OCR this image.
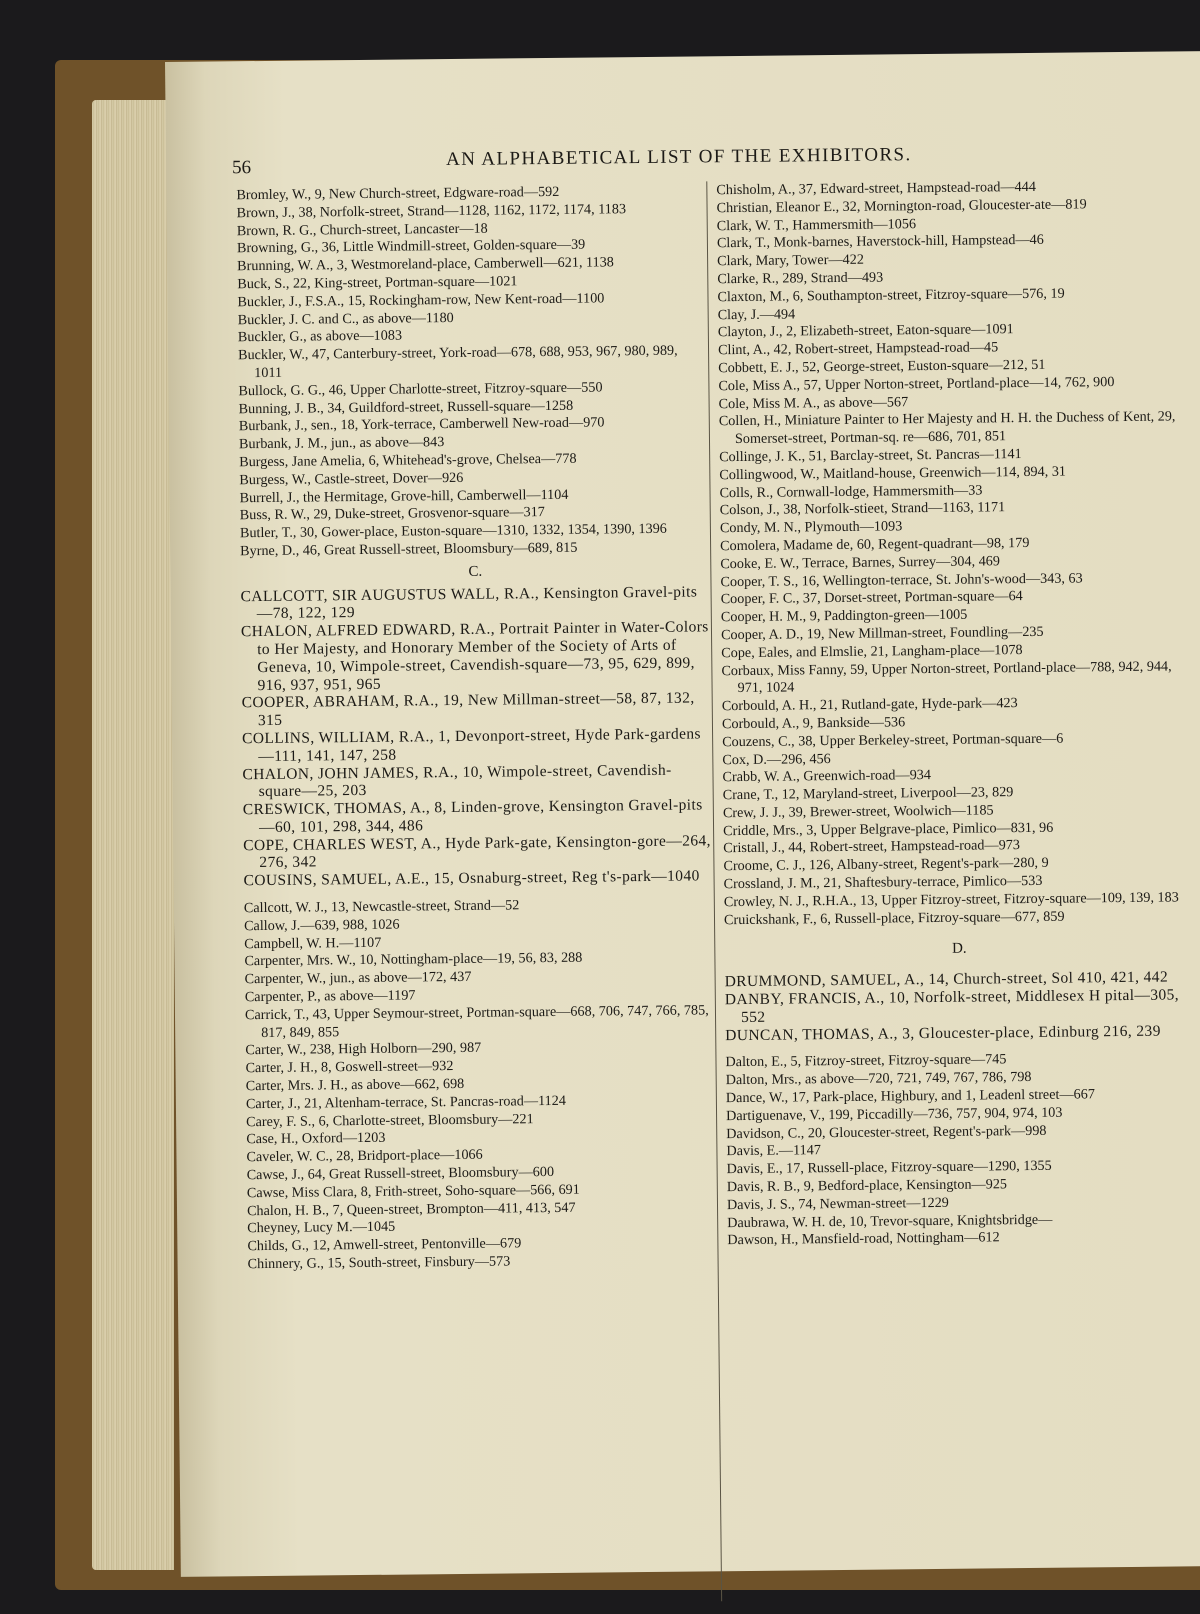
56	AN ALPHABETICAL LIST OF THE EXHIBITORS.

Bromley, W., 9, New Church-street, Edgware-road—592

Brown, J., 38, Norfolk-street, Strand—1128, 1162, 1172, 1174, 1183

Brown, R. G., Church-street, Lancaster—18

Browning, G., 36, Little Windmill-street, Golden-square—39

Brunning, W. A., 3, Westmoreland-place, Camberwell—621, 1138

Buck, S., 22, King-street, Portman-square—1021

Buckler, J., F.S.A., 15, Rockingham-row, New Kent-road—1100

Buckler, J. C. and C., as above—1180

Buckler, G., as above—1083

Buckler, W., 47, Canterbury-street, York-road—678, 688, 953, 967, 980, 989, 1011

Bullock, G. G., 46, Upper Charlotte-street, Fitzroy-square—550

Bunning, J. B., 34, Guildford-street, Russell-square—1258

Burbank, J., sen., 18, York-terrace, Camberwell New-road—970

Burbank, J. M., jun., as above—843

Burgess, Jane Amelia, 6, Whitehead's-grove, Chelsea—778

Burgess, W., Castle-street, Dover—926

Burrell, J., the Hermitage, Grove-hill, Camberwell—1104

Buss, R. W., 29, Duke-street, Grosvenor-square—317

Butler, T., 30, Gower-place, Euston-square—1310, 1332, 1354, 1390, 1396

Byrne, D., 46, Great Russell-street, Bloomsbury—689, 815

C.

CALLCOTT, SIR AUGUSTUS WALL, R.A., Kensington Gravel-pits—78, 122, 129

CHALON, ALFRED EDWARD, R.A., Portrait Painter in Water-Colors to Her Majesty, and Honorary Member of the Society of Arts of Geneva, 10, Wimpole-street, Cavendish-square—73, 95, 629, 899, 916, 937, 951, 965

COOPER, ABRAHAM, R.A., 19, New Millman-street—58, 87, 132, 315

COLLINS, WILLIAM, R.A., 1, Devonport-street, Hyde Park-gardens—111, 141, 147, 258

CHALON, JOHN JAMES, R.A., 10, Wimpole-street, Cavendish-square—25, 203

CRESWICK, THOMAS, A., 8, Linden-grove, Kensington Gravel-pits—60, 101, 298, 344, 486

COPE, CHARLES WEST, A., Hyde Park-gate, Kensington-gore—264, 276, 342

COUSINS, SAMUEL, A.E., 15, Osnaburg-street, Reg t's-park—1040

Callcott, W. J., 13, Newcastle-street, Strand—52

Callow, J.—639, 988, 1026

Campbell, W. H.—1107

Carpenter, Mrs. W., 10, Nottingham-place—19, 56, 83, 288

Carpenter, W., jun., as above—172, 437

Carpenter, P., as above—1197

Carrick, T., 43, Upper Seymour-street, Portman-square—668, 706, 747, 766, 785, 817, 849, 855

Carter, W., 238, High Holborn—290, 987

Carter, J. H., 8, Goswell-street—932

Carter, Mrs. J. H., as above—662, 698

Carter, J., 21, Altenham-terrace, St. Pancras-road—1124

Carey, F. S., 6, Charlotte-street, Bloomsbury—221

Case, H., Oxford—1203

Caveler, W. C., 28, Bridport-place—1066

Cawse, J., 64, Great Russell-street, Bloomsbury—600

Cawse, Miss Clara, 8, Frith-street, Soho-square—566, 691

Chalon, H. B., 7, Queen-street, Brompton—411, 413, 547

Cheyney, Lucy M.—1045

Childs, G., 12, Amwell-street, Pentonville—679

Chinnery, G., 15, South-street, Finsbury—573

Chisholm, A., 37, Edward-street, Hampstead-road—444

Christian, Eleanor E., 32, Mornington-road, Gloucester-ate—819

Clark, W. T., Hammersmith—1056

Clark, T., Monk-barnes, Haverstock-hill, Hampstead—46

Clark, Mary, Tower—422

Clarke, R., 289, Strand—493

Claxton, M., 6, Southampton-street, Fitzroy-square—576, 19

Clay, J.—494

Clayton, J., 2, Elizabeth-street, Eaton-square—1091

Clint, A., 42, Robert-street, Hampstead-road—45

Cobbett, E. J., 52, George-street, Euston-square—212, 51

Cole, Miss A., 57, Upper Norton-street, Portland-place—14, 762, 900

Cole, Miss M. A., as above—567

Collen, H., Miniature Painter to Her Majesty and H. H. the Duchess of Kent, 29, Somerset-street, Portman-sq. re—686, 701, 851

Collinge, J. K., 51, Barclay-street, St. Pancras—1141

Collingwood, W., Maitland-house, Greenwich—114, 894, 31

Colls, R., Cornwall-lodge, Hammersmith—33

Colson, J., 38, Norfolk-stieet, Strand—1163, 1171

Condy, M. N., Plymouth—1093

Comolera, Madame de, 60, Regent-quadrant—98, 179

Cooke, E. W., Terrace, Barnes, Surrey—304, 469

Cooper, T. S., 16, Wellington-terrace, St. John's-wood—343, 63

Cooper, F. C., 37, Dorset-street, Portman-square—64

Cooper, H. M., 9, Paddington-green—1005

Cooper, A. D., 19, New Millman-street, Foundling—235

Cope, Eales, and Elmslie, 21, Langham-place—1078

Corbaux, Miss Fanny, 59, Upper Norton-street, Portland-place—788, 942, 944, 971, 1024

Corbould, A. H., 21, Rutland-gate, Hyde-park—423

Corbould, A., 9, Bankside—536

Couzens, C., 38, Upper Berkeley-street, Portman-square—6

Cox, D.—296, 456

Crabb, W. A., Greenwich-road—934

Crane, T., 12, Maryland-street, Liverpool—23, 829

Crew, J. J., 39, Brewer-street, Woolwich—1185

Criddle, Mrs., 3, Upper Belgrave-place, Pimlico—831, 96

Cristall, J., 44, Robert-street, Hampstead-road—973

Croome, C. J., 126, Albany-street, Regent's-park—280, 9

Crossland, J. M., 21, Shaftesbury-terrace, Pimlico—533

Crowley, N. J., R.H.A., 13, Upper Fitzroy-street, Fitzroy-square—109, 139, 183

Cruickshank, F., 6, Russell-place, Fitzroy-square—677, 859

D.

DRUMMOND, SAMUEL, A., 14, Church-street, Sol 410, 421, 442

DANBY, FRANCIS, A., 10, Norfolk-street, Middlesex H pital—305, 552

DUNCAN, THOMAS, A., 3, Gloucester-place, Edinburg 216, 239

Dalton, E., 5, Fitzroy-street, Fitzroy-square—745

Dalton, Mrs., as above—720, 721, 749, 767, 786, 798

Dance, W., 17, Park-place, Highbury, and 1, Leadenl street—667

Dartiguenave, V., 199, Piccadilly—736, 757, 904, 974, 103

Davidson, C., 20, Gloucester-street, Regent's-park—998

Davis, E.—1147

Davis, E., 17, Russell-place, Fitzroy-square—1290, 1355

Davis, R. B., 9, Bedford-place, Kensington—925

Davis, J. S., 74, Newman-street—1229

Daubrawa, W. H. de, 10, Trevor-square, Knightsbridge—

Dawson, H., Mansfield-road, Nottingham—612
